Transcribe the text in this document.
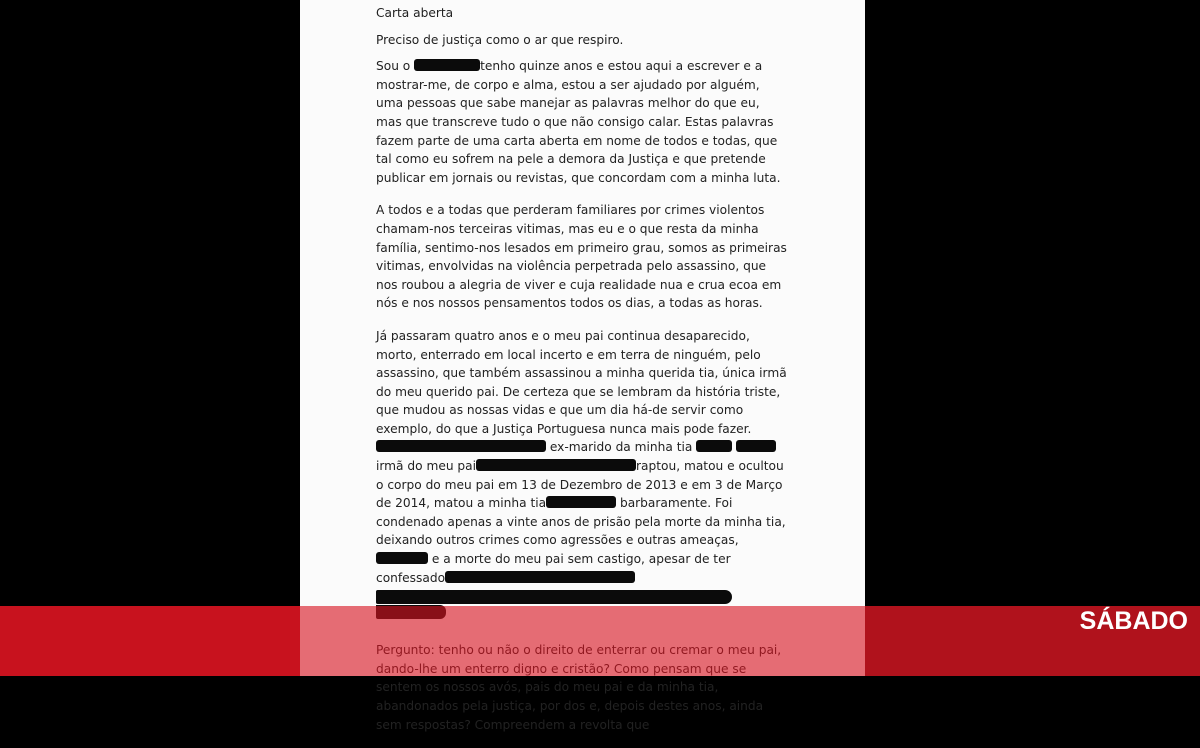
Carta aberta

Preciso de justiça como o ar que respiro.

Sou o	tenho quinze anos e estou aqui a escrever e a mostrar-me, de corpo e alma, estou a ser ajudado por alguém, uma pessoas que sabe manejar as palavras melhor do que eu, mas que transcreve tudo o que não consigo calar. Estas palavras fazem parte de uma carta aberta em nome de todos e todas, que tal como eu sofrem na pele a demora da Justiça e que pretende publicar em jornais ou revistas, que concordam com a minha luta.

A todos e a todas que perderam familiares por crimes violentos chamam-nos terceiras vitimas, mas eu e o que resta da minha família, sentimo-nos lesados em primeiro grau, somos as primeiras vitimas, envolvidas na violência perpetrada pelo assassino, que nos roubou a alegria de viver e cuja realidade nua e crua ecoa em nós e nos nossos pensamentos todos os dias, a todas as horas.

Já passaram quatro anos e o meu pai continua desaparecido, morto, enterrado em local incerto e em terra de ninguém, pelo assassino, que também assassinou a minha querida tia, única irmã do meu querido pai. De certeza que se lembram da história triste, que mudou as nossas vidas e que um dia há-de servir como exemplo, do que a Justiça Portuguesa nunca mais pode fazer.  ex-marido da minha tia  irmã do meu pai	raptou, matou e ocultou o corpo do meu pai em 13 de Dezembro de 2013 e em 3 de Março de 2014, matou a minha tia	barbaramente. Foi condenado apenas a vinte anos de prisão pela morte da minha tia, deixando outros crimes como agressões e outras ameaças, e a morte do meu pai sem castigo, apesar de ter confessado

sentem os nossos avós, pais do meu pai e da minha tia, abandonados pela justiça, por dos e, depois destes anos, ainda sem respostas? Compreendem a revolta que

SÁBADO
